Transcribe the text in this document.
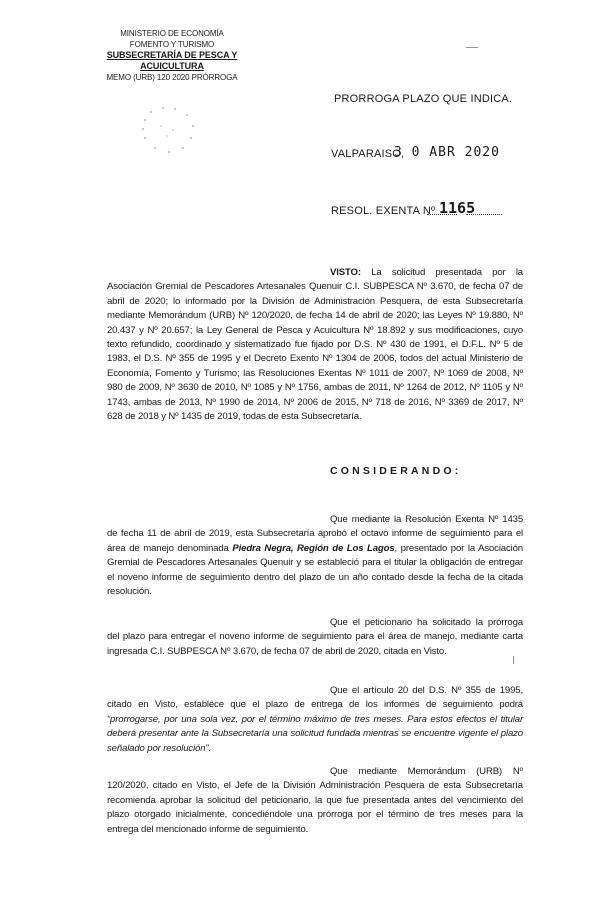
MINISTERIO DE ECONOMÍA
FOMENTO Y TURISMO
SUBSECRETARÍA DE PESCA Y ACUICULTURA
MEMO (URB) 120 2020 PRÓRROGA
PRORROGA PLAZO QUE INDICA.
VALPARAISO,
3 0 ABR 2020
RESOL. EXENTA Nº 1165
VISTO: La solicitud presentada por la Asociación Gremial de Pescadores Artesanales Quenuir C.I. SUBPESCA Nº 3.670, de fecha 07 de abril de 2020; lo informado por la División de Administración Pesquera, de esta Subsecretaría mediante Memorándum (URB) Nº 120/2020, de fecha 14 de abril de 2020; las Leyes Nº 19.880, Nº 20.437 y Nº 20.657; la Ley General de Pesca y Acuicultura Nº 18.892 y sus modificaciones, cuyo texto refundido, coordinado y sistematizado fue fijado por D.S. Nº 430 de 1991, el D.F.L. Nº 5 de 1983, el D.S. Nº 355 de 1995 y el Decreto Exento Nº 1304 de 2006, todos del actual Ministerio de Economía, Fomento y Turismo; las Resoluciones Exentas Nº 1011 de 2007, Nº 1069 de 2008, Nº 980 de 2009, Nº 3630 de 2010, Nº 1085 y Nº 1756, ambas de 2011, Nº 1264 de 2012, Nº 1105 y Nº 1743, ambas de 2013, Nº 1990 de 2014, Nº 2006 de 2015, Nº 718 de 2016, Nº 3369 de 2017, Nº 628 de 2018 y Nº 1435 de 2019, todas de esta Subsecretaría.
CONSIDERANDO:
Que mediante la Resolución Exenta Nº 1435 de fecha 11 de abril de 2019, esta Subsecretaría aprobó el octavo informe de seguimiento para el área de manejo denominada Piedra Negra, Región de Los Lagos, presentado por la Asociación Gremial de Pescadores Artesanales Quenuir y se estableció para el titular la obligación de entregar el noveno informe de seguimiento dentro del plazo de un año contado desde la fecha de la citada resolución.
Que el peticionario ha solicitado la prórroga del plazo para entregar el noveno informe de seguimiento para el área de manejo, mediante carta ingresada C.I. SUBPESCA Nº 3.670, de fecha 07 de abril de 2020, citada en Visto.
Que el artículo 20 del D.S. Nº 355 de 1995, citado en Visto, establece que el plazo de entrega de los informes de seguimiento podrá “prorrogarse, por una sola vez, por el término máximo de tres meses. Para estos efectos el titular deberá presentar ante la Subsecretaría una solicitud fundada mientras se encuentre vigente el plazo señalado por resolución”.
Que mediante Memorándum (URB) Nº 120/2020, citado en Visto, el Jefe de la División Administración Pesquera de esta Subsecretaría recomienda aprobar la solicitud del peticionario, la que fue presentada antes del vencimiento del plazo otorgado inicialmente, concediéndole una prórroga por el término de tres meses para la entrega del mencionado informe de seguimiento.
